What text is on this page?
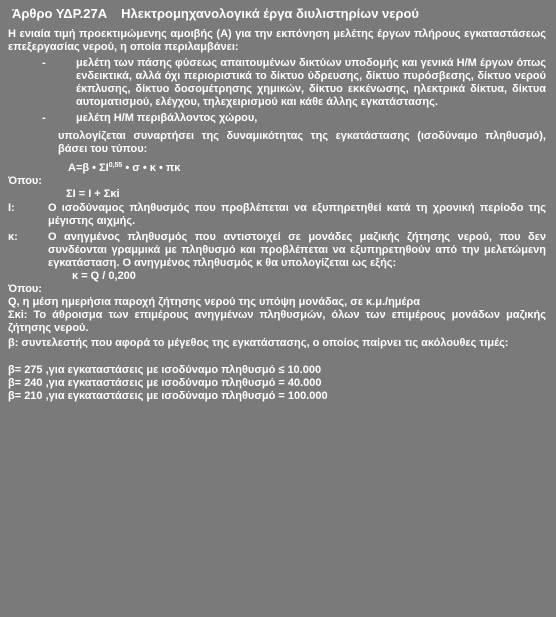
Άρθρο ΥΔΡ.27Α Ηλεκτρομηχανολογικά έργα διυλιστηρίων νερού

Η ενιαία τιμή προεκτιμώμενης αμοιβής (Α) για την εκπόνηση μελέτης έργων πλήρους εγκαταστάσεως επεξεργασίας νερού, η οποία περιλαμβάνει:

-	μελέτη των πάσης φύσεως απαιτουμένων δικτύων υποδομής και γενικά Η/Μ έργων όπως ενδεικτικά, αλλά όχι περιοριστικά το δίκτυο ύδρευσης, δίκτυο πυρόσβεσης, δίκτυο νερού έκπλυσης, δίκτυο δοσομέτρησης χημικών, δίκτυο εκκένωσης, ηλεκτρικά δίκτυα, δίκτυα αυτοματισμού, ελέγχου, τηλεχειρισμού και κάθε άλλης εγκατάστασης.
-	μελέτη Η/Μ περιβάλλοντος χώρου,

υπολογίζεται συναρτήσει της δυναμικότητας της εγκατάστασης (ισοδύναμο πληθυσμό), βάσει του τύπου:

Α=β • ΣΙ$^{0,55}$ • σ • κ • πκ

Όπου:

ΣΙ = Ι + Σκi

Ι:	Ο ισοδύναμος πληθυσμός που προβλέπεται να εξυπηρετηθεί κατά τη χρονική περίοδο της μέγιστης αιχμής.
κ:	Ο ανηγμένος πληθυσμός που αντιστοιχεί σε μονάδες μαζικής ζήτησης νερού, που δεν συνδέονται γραμμικά με πληθυσμό και προβλέπεται να εξυπηρετηθούν από την μελετώμενη εγκατάσταση. Ο ανηγμένος πληθυσμός κ θα υπολογίζεται ως εξής:

κ = Q / 0,200

Όπου:

Q, η μέση ημερήσια παροχή ζήτησης νερού της υπόψη μονάδας, σε κ.μ./ημέρα

Σκi: Το άθροισμα των επιμέρους ανηγμένων πληθυσμών, όλων των επιμέρους μονάδων μαζικής ζήτησης νερού.

β: συντελεστής που αφορά το μέγεθος της εγκατάστασης, ο οποίος παίρνει τις ακόλουθες τιμές:

β= 275 ,για εγκαταστάσεις με ισοδύναμο πληθυσμό ≤ 10.000

β= 240 ,για εγκαταστάσεις με ισοδύναμο πληθυσμό = 40.000

β= 210 ,για εγκαταστάσεις με ισοδύναμο πληθυσμό = 100.000
